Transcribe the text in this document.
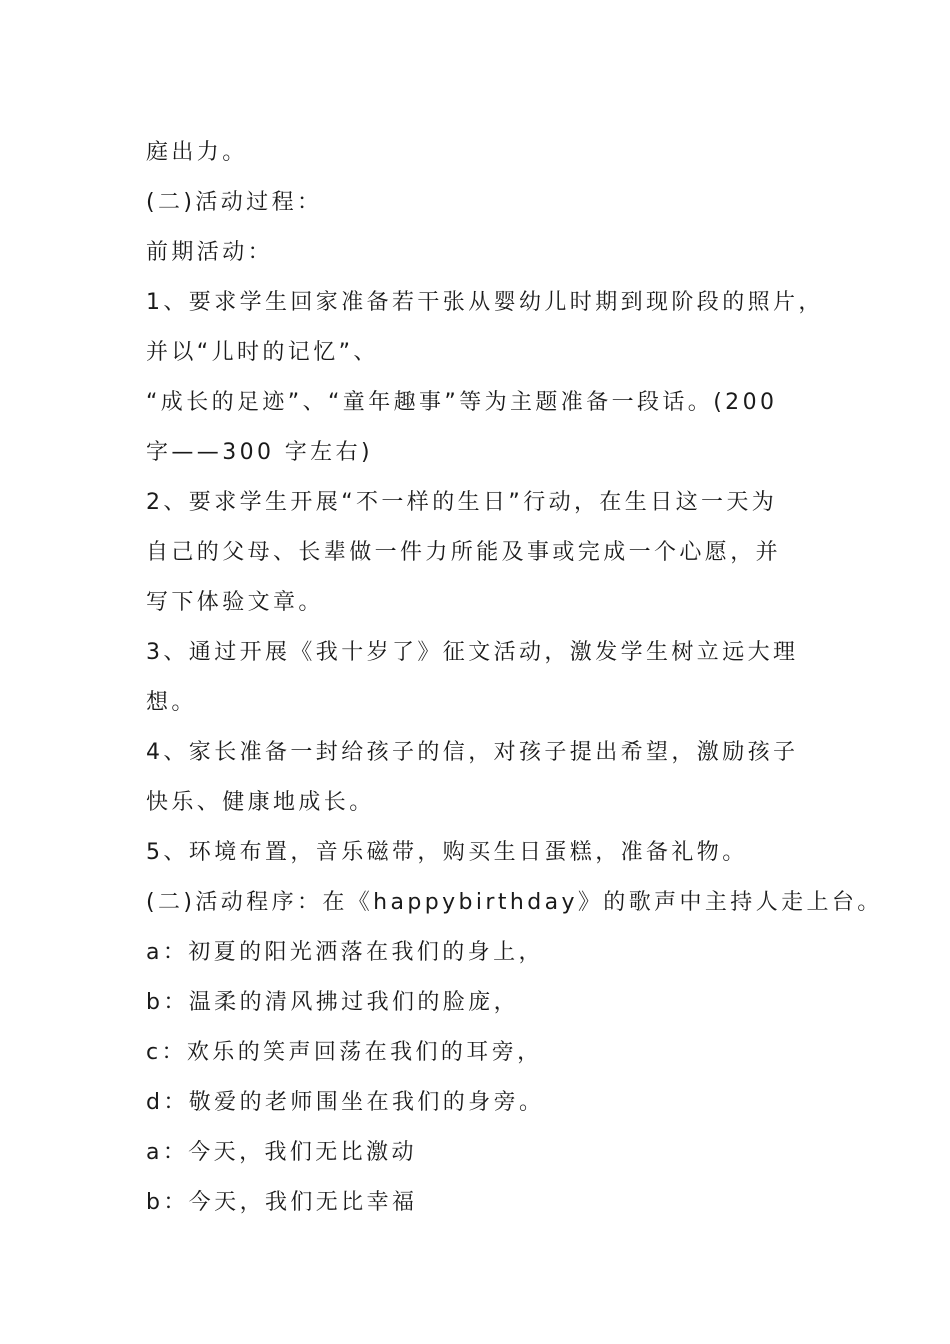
庭出力。
(二)活动过程：
前期活动：
1、要求学生回家准备若干张从婴幼儿时期到现阶段的照片，
并以“儿时的记忆”、
“成长的足迹”、“童年趣事”等为主题准备一段话。(200
字——300 字左右)
2、要求学生开展“不一样的生日”行动，在生日这一天为
自己的父母、长辈做一件力所能及事或完成一个心愿，并
写下体验文章。
3、通过开展《我十岁了》征文活动，激发学生树立远大理
想。
4、家长准备一封给孩子的信，对孩子提出希望，激励孩子
快乐、健康地成长。
5、环境布置，音乐磁带，购买生日蛋糕，准备礼物。
(二)活动程序：在《happybirthday》的歌声中主持人走上台。
a：初夏的阳光洒落在我们的身上，
b：温柔的清风拂过我们的脸庞，
c：欢乐的笑声回荡在我们的耳旁，
d：敬爱的老师围坐在我们的身旁。
a：今天，我们无比激动
b：今天，我们无比幸福
